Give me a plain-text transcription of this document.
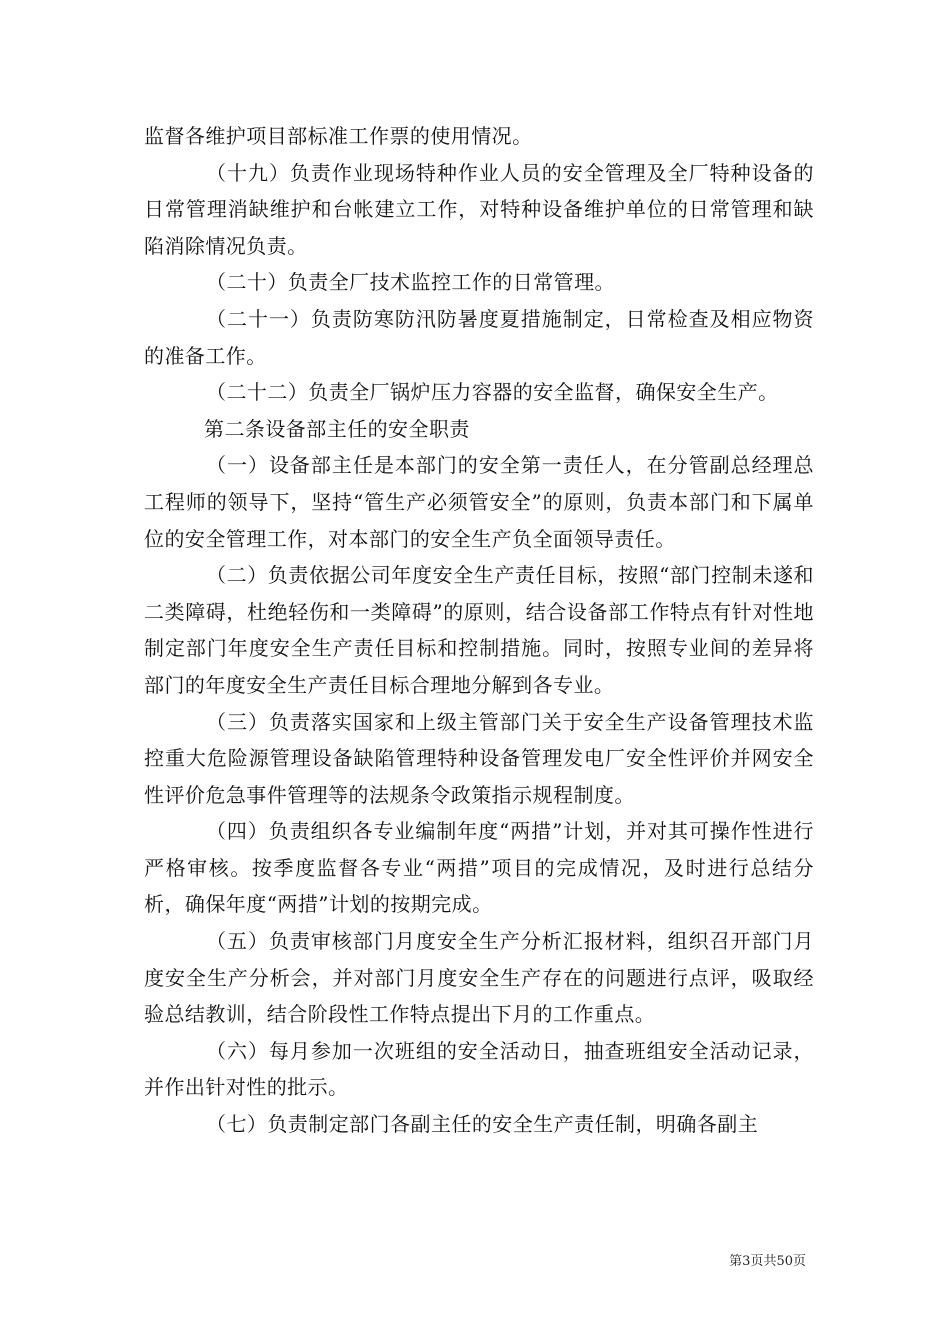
监督各维护项目部标准工作票的使用情况。

（十九）负责作业现场特种作业人员的安全管理及全厂特种设备的日常管理消缺维护和台帐建立工作，对特种设备维护单位的日常管理和缺陷消除情况负责。

（二十）负责全厂技术监控工作的日常管理。

（二十一）负责防寒防汛防暑度夏措施制定，日常检查及相应物资的准备工作。

（二十二）负责全厂锅炉压力容器的安全监督，确保安全生产。

第二条设备部主任的安全职责

（一）设备部主任是本部门的安全第一责任人，在分管副总经理总工程师的领导下，坚持“管生产必须管安全”的原则，负责本部门和下属单位的安全管理工作，对本部门的安全生产负全面领导责任。

（二）负责依据公司年度安全生产责任目标，按照“部门控制未遂和二类障碍，杜绝轻伤和一类障碍”的原则，结合设备部工作特点有针对性地制定部门年度安全生产责任目标和控制措施。同时，按照专业间的差异将部门的年度安全生产责任目标合理地分解到各专业。

（三）负责落实国家和上级主管部门关于安全生产设备管理技术监控重大危险源管理设备缺陷管理特种设备管理发电厂安全性评价并网安全性评价危急事件管理等的法规条令政策指示规程制度。

（四）负责组织各专业编制年度“两措”计划，并对其可操作性进行严格审核。按季度监督各专业“两措”项目的完成情况，及时进行总结分析，确保年度“两措”计划的按期完成。

（五）负责审核部门月度安全生产分析汇报材料，组织召开部门月度安全生产分析会，并对部门月度安全生产存在的问题进行点评，吸取经验总结教训，结合阶段性工作特点提出下月的工作重点。

（六）每月参加一次班组的安全活动日，抽查班组安全活动记录，并作出针对性的批示。

（七）负责制定部门各副主任的安全生产责任制，明确各副主

第3页共50页
